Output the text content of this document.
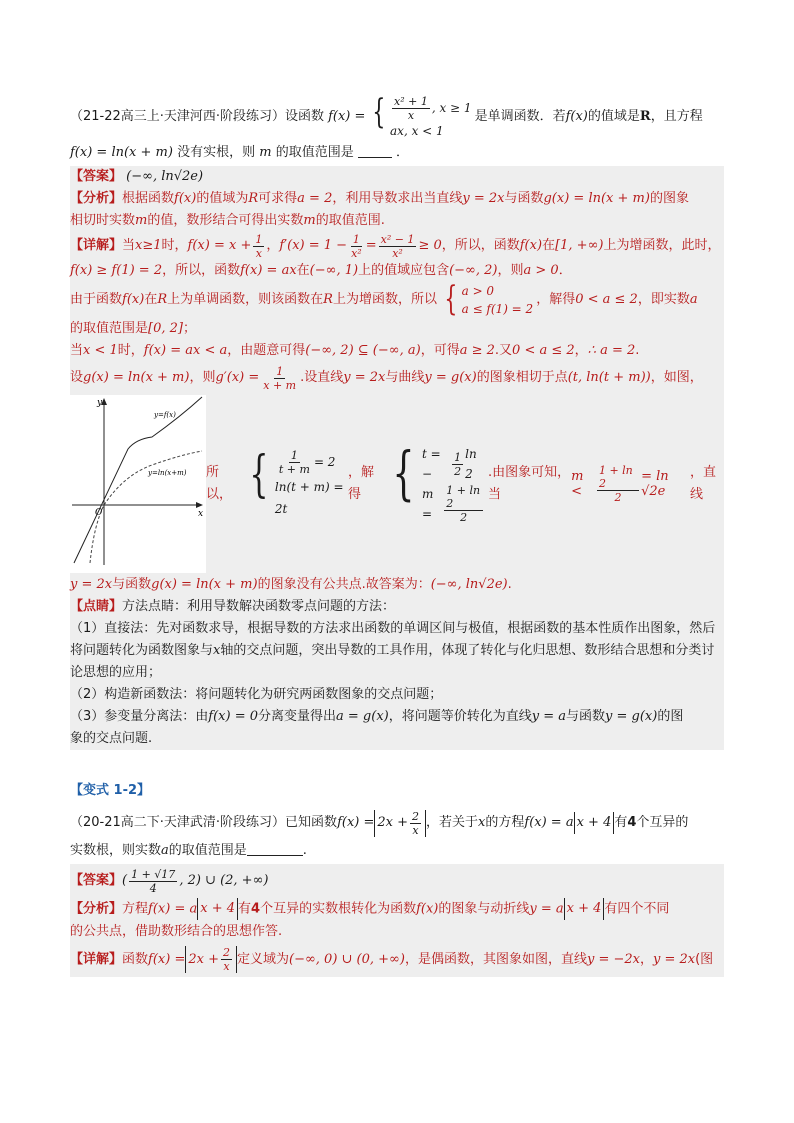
（21-22高三上·天津河西·阶段练习） 设函数 f(x) = { $\frac{\text{x² + 1}}{x}$ , x ≥ 1
ax, x < 1
是单调函数．若 f(x) 的值域是 R ，且方程
f(x) = ln(x + m) 没有实根，则 m 的取值范围是	．
【答案】 (−∞, ln√2e)
【分析】根据函数f(x)的值域为R可求得a = 2，利用导数求出当直线y = 2x与函数g(x) = ln(x + m)的图象
相切时实数m的值，数形结合可得出实数m的取值范围.
【详解】 当 x≥1 时， $f(x) = x + \frac{1}{x}$ ， $f'(x) = 1 - \frac{1}{\text{x²}} = \frac{\text{x² − 1}}{\text{x²}} \ge 0$ ，所以，函数 f(x) 在 [1, +∞) 上为增函数，此时，
f(x) ≥ f(1) = 2，所以，函数f(x) = ax在(−∞, 1)上的值域应包含(−∞, 2)，则a > 0．
由于函数 f(x) 在 R 上为单调函数，则该函数在 R 上为增函数，所以 { a > 0
a ≤ f(1) = 2
，解得 0 < a ≤ 2 ，即实数 a
的取值范围是[0, 2]；
当x < 1时，f(x) = ax < a，由题意可得(−∞, 2) ⊆ (−∞, a)，可得a ≥ 2.又0 < a ≤ 2，∴ a = 2.
设 g(x) = ln(x + m) ，则 $g'(x) = \frac{1}{x + m}$ .设直线 y = 2x 与曲线 y = g(x) 的图象相切于点 (t, ln(t + m)) ，如图，
y
x
O
y=f(x)
y=ln(x+m) 所以， { $\frac{1}{t + m} = 2$
ln(t + m) = 2t
，解得 { t = −	$\frac{1}{2}$ ln 2
m =	$\frac{1 + \ln 2}{2}$
.由图象可知，当
m <	$\frac{1 + \ln 2}{2} = \ln √2e$
，直线
y = 2x与函数g(x) = ln(x + m)的图象没有公共点.故答案为：(−∞, ln√2e).
【点睛】方法点睛：利用导数解决函数零点问题的方法：
（1）直接法：先对函数求导，根据导数的方法求出函数的单调区间与极值，根据函数的基本性质作出图象，然后将问题转化为函数图象与x轴的交点问题，突出导数的工具作用，体现了转化与化归思想、数形结合思想和分类讨论思想的应用；
（2）构造新函数法：将问题转化为研究两函数图象的交点问题；
（3）参变量分离法：由f(x) = 0分离变量得出a = g(x)，将问题等价转化为直线y = a与函数y = g(x)的图
象的交点问题.
【变式 1-2】
（20-21高二下·天津武清·阶段练习） 已知函数 $f(x) = 2x + \frac{2}{x}$ ，若关于 x 的方程 f(x) = a x + 4 有 4 个互异的
实数根，则实数a的取值范围是	.
【答案】 ( $\frac{1 + √17}{4}$ , 2) ∪ (2, +∞)
【分析】方程f(x) = a x + 4 有4个互异的实数根转化为函数f(x)的图象与动折线y = a x + 4 有四个不同
的公共点，借助数形结合的思想作答.
【详解】 函数 $f(x) = 2x + \frac{2}{x}$ 定义域为 (−∞, 0) ∪ (0, +∞) ，是偶函数，其图象如图，直线 y = −2x ， y = 2x (图
